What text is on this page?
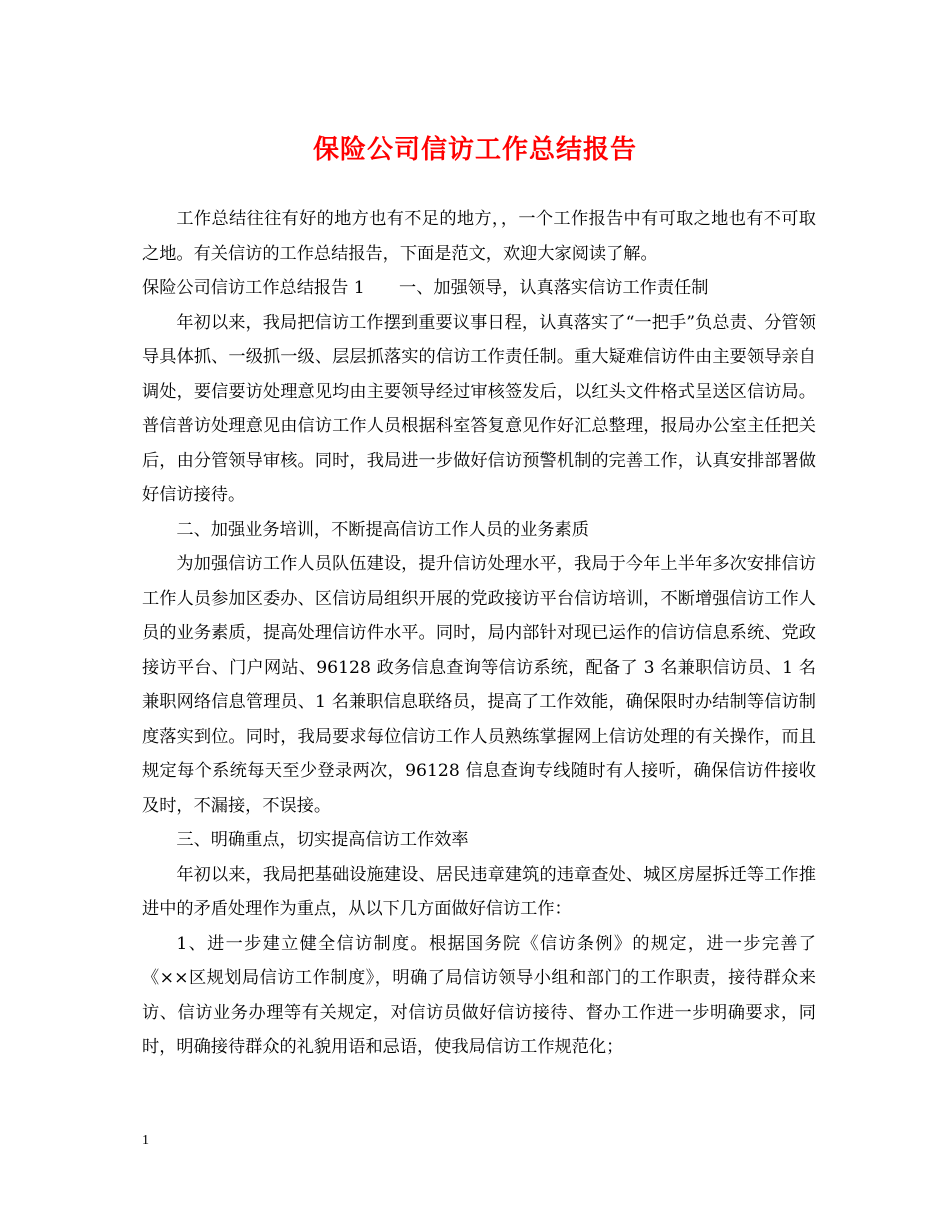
保险公司信访工作总结报告

工作总结往往有好的地方也有不足的地方，，一个工作报告中有可取之地也有不可取之地。有关信访的工作总结报告，下面是范文，欢迎大家阅读了解。

保险公司信访工作总结报告 1　　一、加强领导，认真落实信访工作责任制

年初以来，我局把信访工作摆到重要议事日程，认真落实了“一把手”负总责、分管领导具体抓、一级抓一级、层层抓落实的信访工作责任制。重大疑难信访件由主要领导亲自调处，要信要访处理意见均由主要领导经过审核签发后，以红头文件格式呈送区信访局。普信普访处理意见由信访工作人员根据科室答复意见作好汇总整理，报局办公室主任把关后，由分管领导审核。同时，我局进一步做好信访预警机制的完善工作，认真安排部署做好信访接待。

二、加强业务培训，不断提高信访工作人员的业务素质

为加强信访工作人员队伍建设，提升信访处理水平，我局于今年上半年多次安排信访工作人员参加区委办、区信访局组织开展的党政接访平台信访培训，不断增强信访工作人员的业务素质，提高处理信访件水平。同时，局内部针对现已运作的信访信息系统、党政接访平台、门户网站、96128 政务信息查询等信访系统，配备了 3 名兼职信访员、1 名兼职网络信息管理员、1 名兼职信息联络员，提高了工作效能，确保限时办结制等信访制度落实到位。同时，我局要求每位信访工作人员熟练掌握网上信访处理的有关操作，而且规定每个系统每天至少登录两次，96128 信息查询专线随时有人接听，确保信访件接收及时，不漏接，不误接。

三、明确重点，切实提高信访工作效率

年初以来，我局把基础设施建设、居民违章建筑的违章查处、城区房屋拆迁等工作推进中的矛盾处理作为重点，从以下几方面做好信访工作：

1、进一步建立健全信访制度。根据国务院《信访条例》的规定，进一步完善了《××区规划局信访工作制度》，明确了局信访领导小组和部门的工作职责，接待群众来访、信访业务办理等有关规定，对信访员做好信访接待、督办工作进一步明确要求，同时，明确接待群众的礼貌用语和忌语，使我局信访工作规范化；

1
